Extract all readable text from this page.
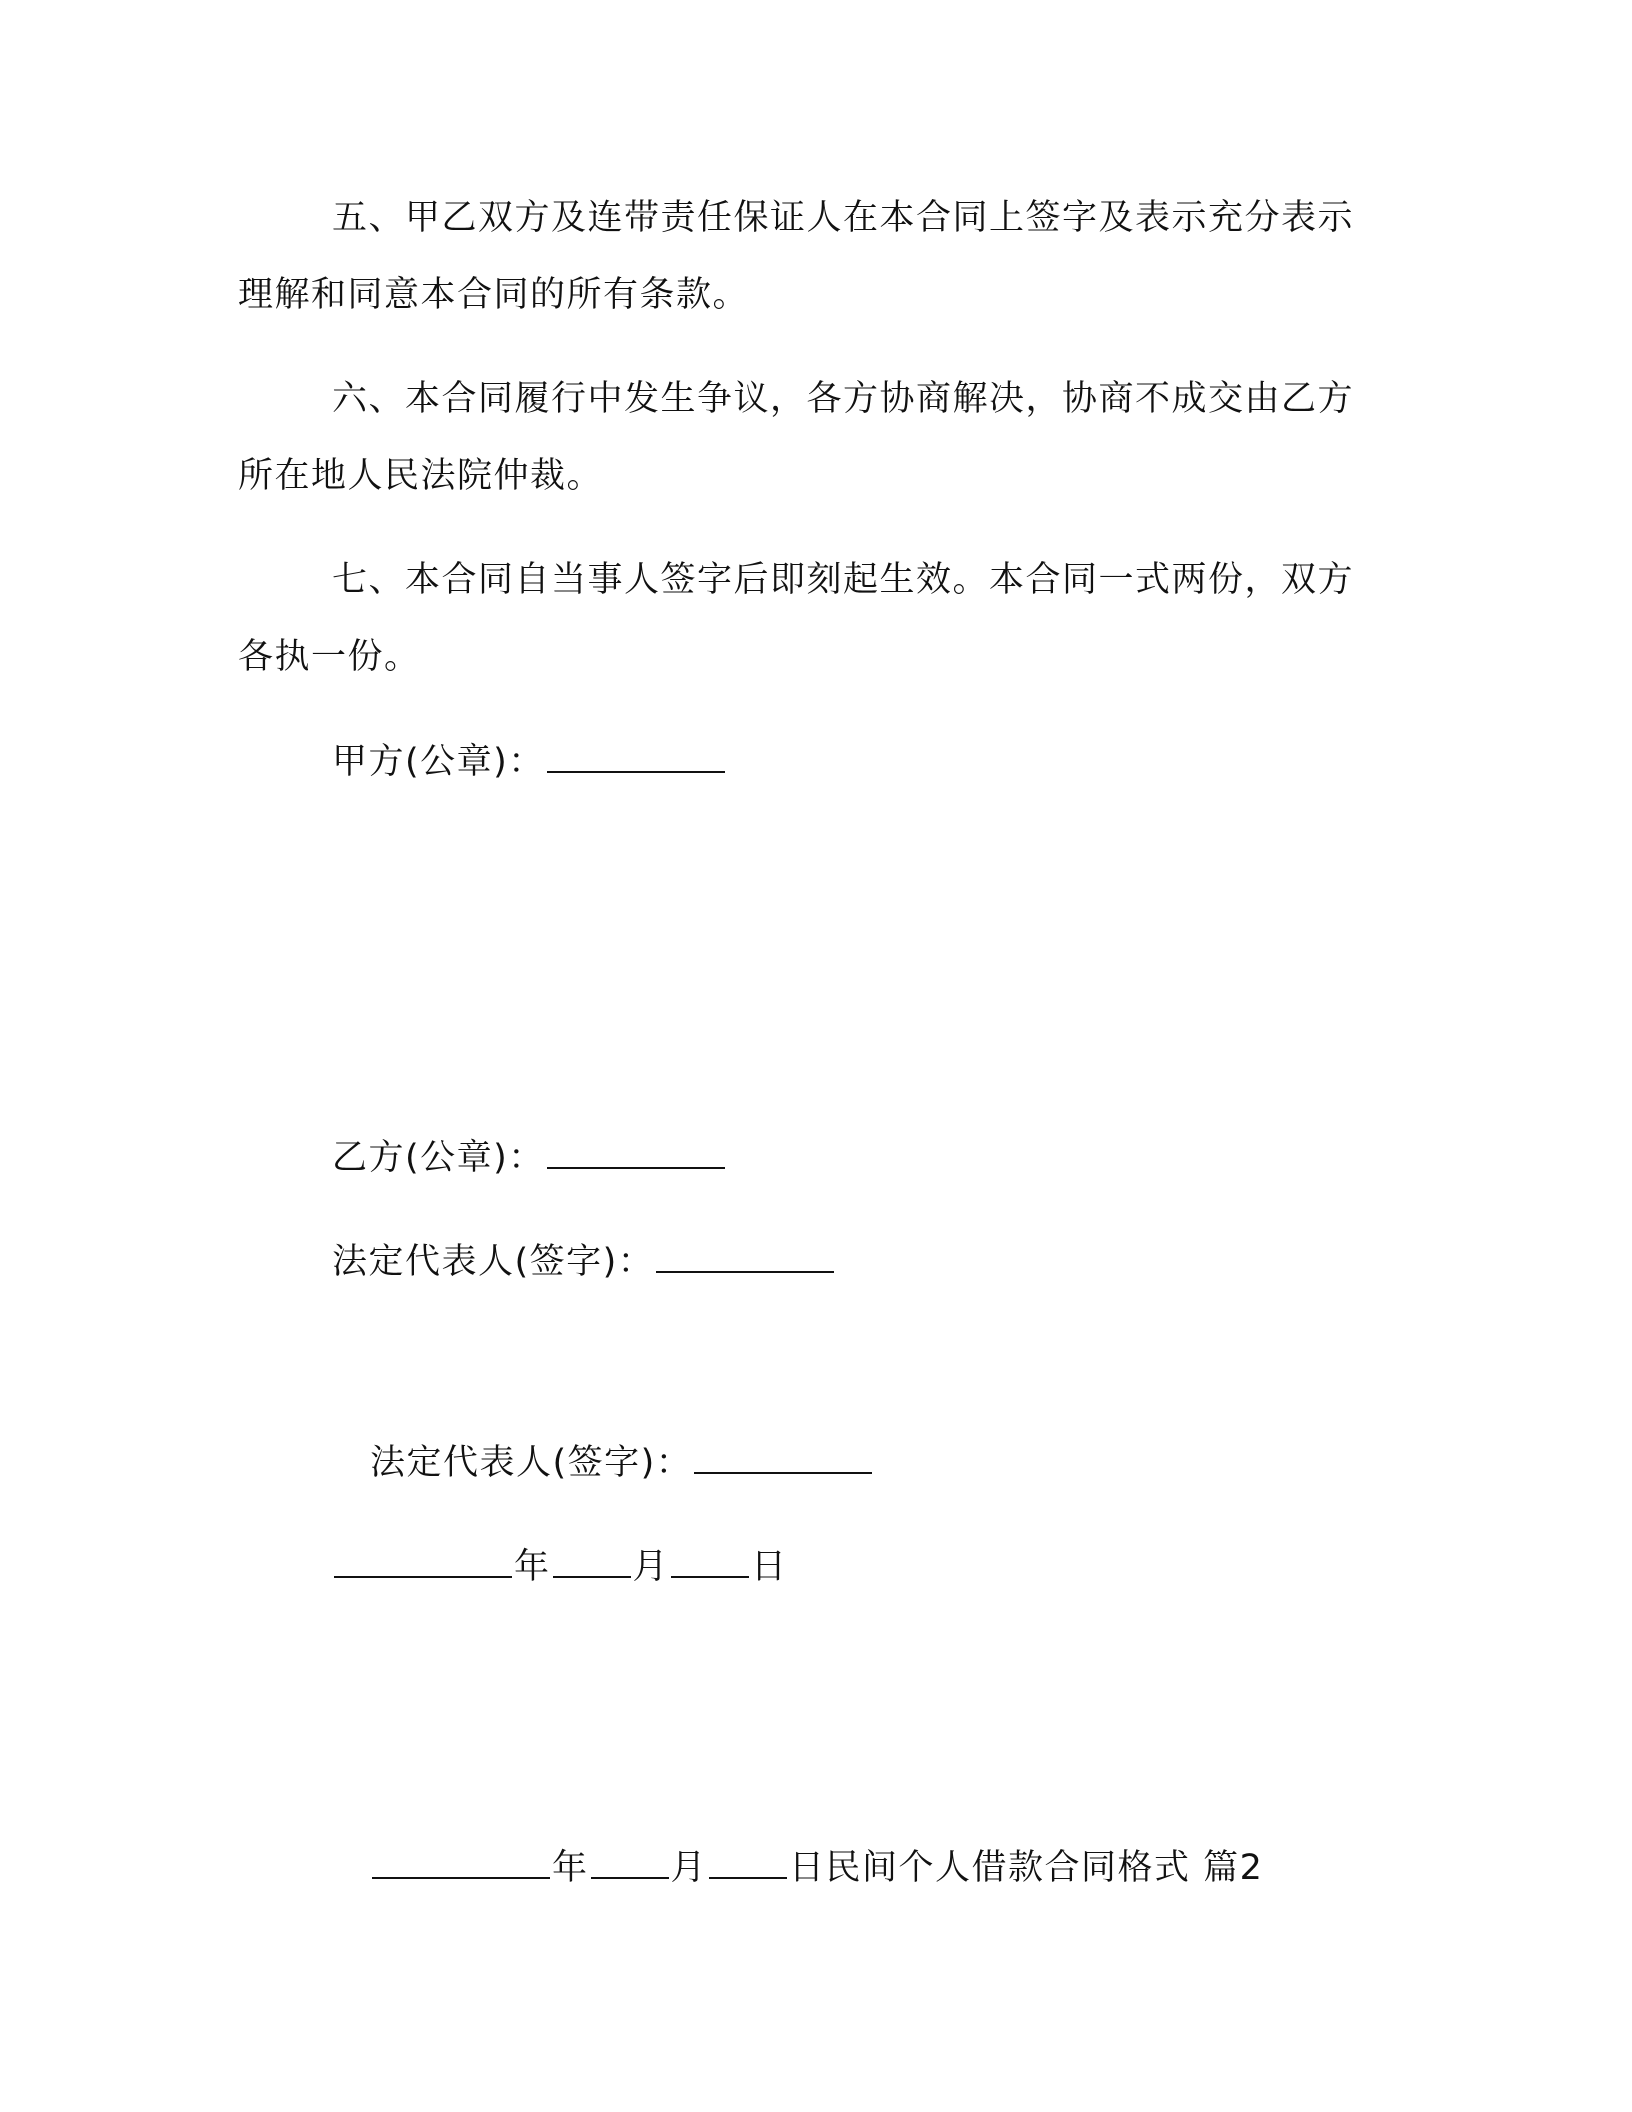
五、甲乙双方及连带责任保证人在本合同上签字及表示充分表示
理解和同意本合同的所有条款。
六、本合同履行中发生争议，各方协商解决，协商不成交由乙方
所在地人民法院仲裁。
七、本合同自当事人签字后即刻起生效。本合同一式两份，双方
各执一份。
甲方(公章)：
乙方(公章)：
法定代表人(签字)：
法定代表人(签字)：
年 月 日
年 月 日民间个人借款合同格式 篇2
